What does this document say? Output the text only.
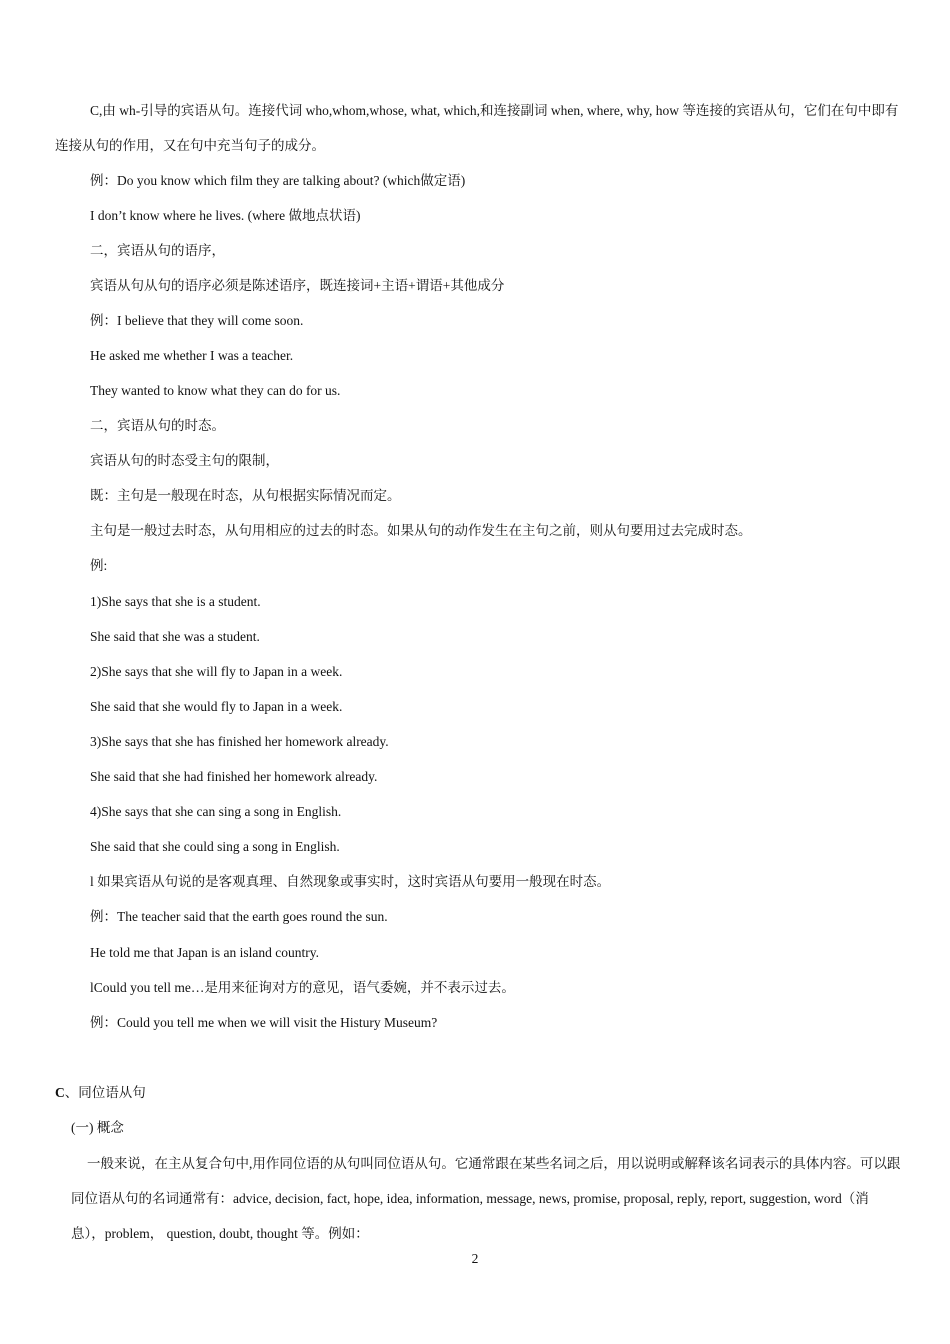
C,由 wh-引导的宾语从句。连接代词 who,whom,whose, what, which,和连接副词 when, where, why, how 等连接的宾语从句，它们在句中即有连接从句的作用，又在句中充当句子的成分。
例：Do you know which film they are talking about? (which做定语)
I don’t know where he lives. (where 做地点状语)
二，宾语从句的语序，
宾语从句从句的语序必须是陈述语序，既连接词+主语+谓语+其他成分
例：I believe that they will come soon.
He asked me whether I was a teacher.
They wanted to know what they can do for us.
二，宾语从句的时态。
宾语从句的时态受主句的限制，
既：主句是一般现在时态，从句根据实际情况而定。
主句是一般过去时态，从句用相应的过去的时态。如果从句的动作发生在主句之前，则从句要用过去完成时态。
例:
1)She says that she is a student.
She said that she was a student.
2)She says that she will fly to Japan in a week.
She said that she would fly to Japan in a week.
3)She says that she has finished her homework already.
She said that she had finished her homework already.
4)She says that she can sing a song in English.
She said that she could sing a song in English.
l 如果宾语从句说的是客观真理、自然现象或事实时，这时宾语从句要用一般现在时态。
例：The teacher said that the earth goes round the sun.
He told me that Japan is an island country.
lCould you tell me…是用来征询对方的意见，语气委婉，并不表示过去。
例：Could you tell me when we will visit the Histury Museum?
C、同位语从句
(一) 概念
一般来说，在主从复合句中,用作同位语的从句叫同位语从句。它通常跟在某些名词之后，用以说明或解释该名词表示的具体内容。可以跟同位语从句的名词通常有：advice, decision, fact, hope, idea, information, message, news, promise, proposal, reply, report, suggestion, word（消息），problem， question, doubt, thought 等。例如：
2
